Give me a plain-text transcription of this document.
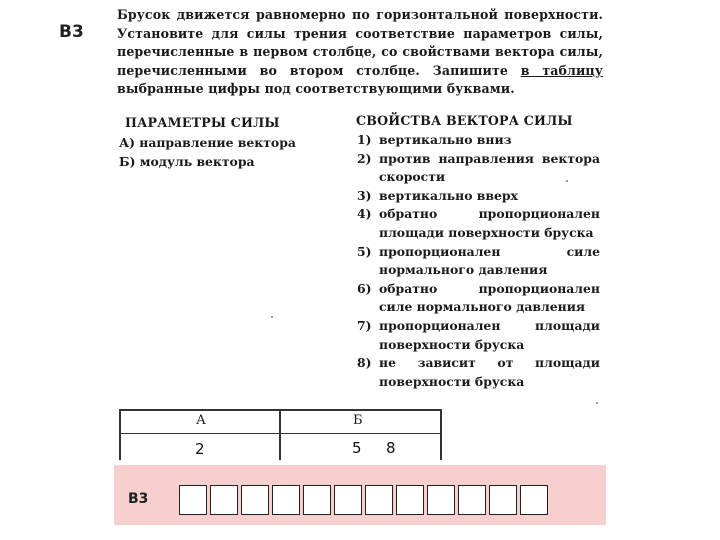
В3
Брусок движется равномерно по горизонтальной поверхности. Установите для силы трения соответствие параметров силы, перечисленные в первом столбце, со свойствами вектора силы, перечисленными во втором столбце. Запишите в таблицу выбранные цифры под соответствующими буквами.
ПАРАМЕТРЫ СИЛЫ	СВОЙСТВА ВЕКТОРА СИЛЫ
А) направление вектора
Б) модуль вектора
1) вертикально вниз
2) против направления вектора скорости
3) вертикально вверх
4) обратно пропорционален площади поверхности бруска
5) пропорционален силе нормального давления
6) обратно пропорционален силе нормального давления
7) пропорционален площади поверхности бруска
8) не зависит от площади поверхности бруска
А	Б
2	5 8
В3
